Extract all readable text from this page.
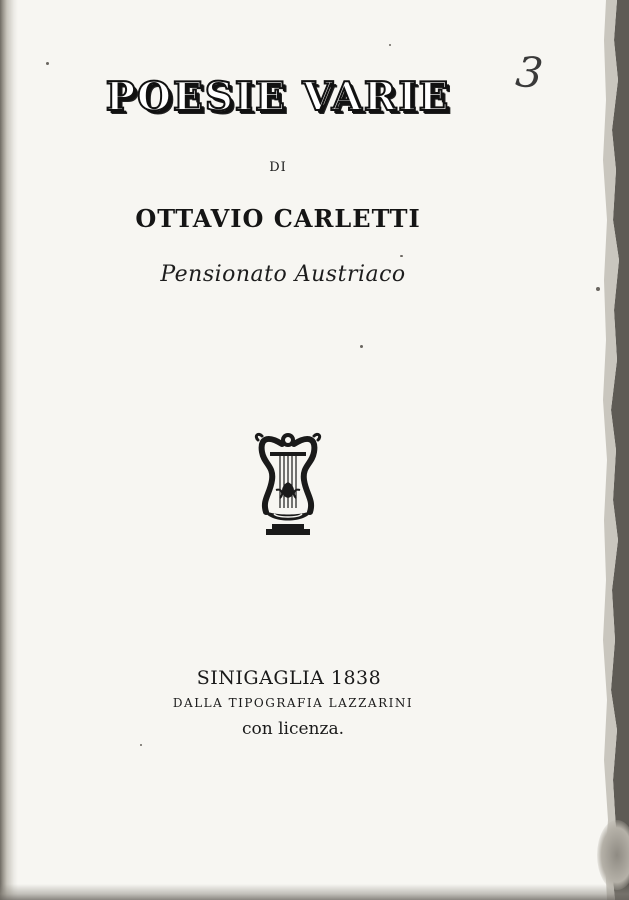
3
POESIE VARIE
DI
OTTAVIO CARLETTI
Pensionato Austriaco
SINIGAGLIA 1838
DALLA TIPOGRAFIA LAZZARINI
con licenza.
